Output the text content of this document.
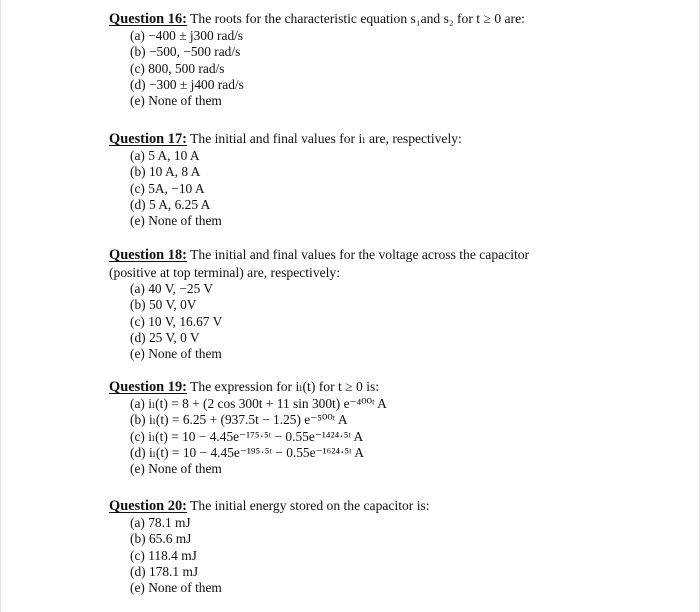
Question 16: The roots for the characteristic equation s₁and s₂ for t ≥ 0 are:
(a) −400 ± j300 rad/s
(b) −500, −500 rad/s
(c) 800, 500 rad/s
(d) −300 ± j400 rad/s
(e) None of them
Question 17: The initial and final values for iₗ are, respectively:
(a) 5 A, 10 A
(b) 10 A, 8 A
(c) 5A, −10 A
(d) 5 A, 6.25 A
(e) None of them
Question 18: The initial and final values for the voltage across the capacitor (positive at top terminal) are, respectively:
(a) 40 V, −25 V
(b) 50 V, 0V
(c) 10 V, 16.67 V
(d) 25 V, 0 V
(e) None of them
Question 19: The expression for iₗ(t) for t ≥ 0 is:
(a) iₗ(t) = 8 + (2 cos 300t + 11 sin 300t) e⁻⁴⁰⁰ᵗ A
(b) iₗ(t) = 6.25 + (937.5t − 1.25) e⁻⁵⁰⁰ᵗ A
(c) iₗ(t) = 10 − 4.45e⁻¹⁷⁵·⁵ᵗ − 0.55e⁻¹⁴²⁴·⁵ᵗ A
(d) iₗ(t) = 10 − 4.45e⁻¹⁹⁵·⁵ᵗ − 0.55e⁻¹⁶²⁴·⁵ᵗ A
(e) None of them
Question 20: The initial energy stored on the capacitor is:
(a) 78.1 mJ
(b) 65.6 mJ
(c) 118.4 mJ
(d) 178.1 mJ
(e) None of them
